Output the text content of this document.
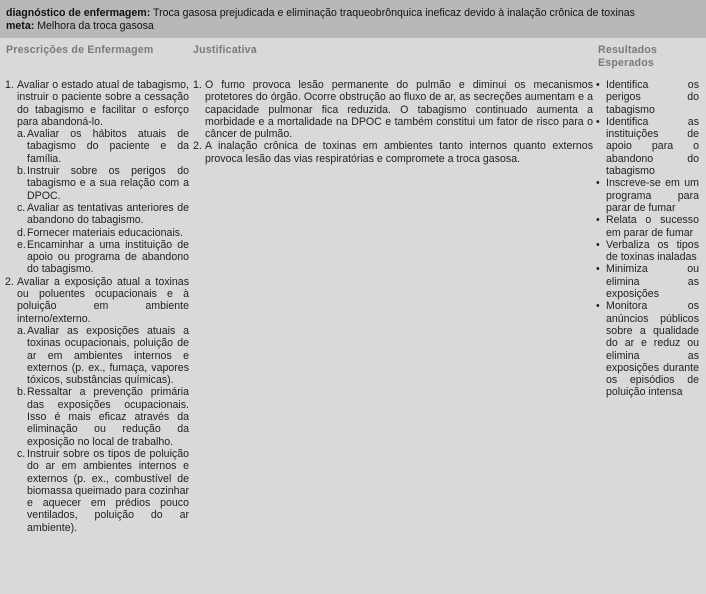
diagnóstico de enfermagem: Troca gasosa prejudicada e eliminação traqueobrônquica ineficaz devido à inalação crônica de toxinas
meta: Melhora da troca gasosa
Prescrições de Enfermagem	Justificativa	Resultados
Esperados
1. Avaliar o estado atual de tabagismo, instruir o paciente sobre a cessação do tabagismo e facilitar o esforço para abandoná-lo.
a. Avaliar os hábitos atuais de tabagismo do paciente e da família.
b. Instruir sobre os perigos do tabagismo e a sua relação com a DPOC.
c. Avaliar as tentativas anteriores de abandono do tabagismo.
d. Fornecer materiais educacionais.
e. Encaminhar a uma instituição de apoio ou programa de abandono do tabagismo.
2. Avaliar a exposição atual a toxinas ou poluentes ocupacionais e à poluição em ambiente interno/externo.
a. Avaliar as exposições atuais a toxinas ocupacionais, poluição de ar em ambientes internos e externos (p. ex., fumaça, vapores tóxicos, substâncias químicas).
b. Ressaltar a prevenção primária das exposições ocupacionais. Isso é mais eficaz através da eliminação ou redução da exposição no local de trabalho.
c. Instruir sobre os tipos de poluição do ar em ambientes internos e externos (p. ex., combustível de biomassa queimado para cozinhar e aquecer em prédios pouco ventilados, poluição do ar ambiente).
1. O fumo provoca lesão permanente do pulmão e diminui os mecanismos protetores do órgão. Ocorre obstrução ao fluxo de ar, as secreções aumentam e a capacidade pulmonar fica reduzida. O tabagismo continuado aumenta a morbidade e a mortalidade na DPOC e também constitui um fator de risco para o câncer de pulmão.
2. A inalação crônica de toxinas em ambientes tanto internos quanto externos provoca lesão das vias respiratórias e compromete a troca gasosa.
• Identifica os perigos do tabagismo
• Identifica as instituições de apoio para o abandono do tabagismo
• Inscreve-se em um programa para parar de fumar
• Relata o sucesso em parar de fumar
• Verbaliza os tipos de toxinas inaladas
• Minimiza ou elimina as exposições
• Monitora os anúncios públicos sobre a qualidade do ar e reduz ou elimina as exposições durante os episódios de poluição intensa
